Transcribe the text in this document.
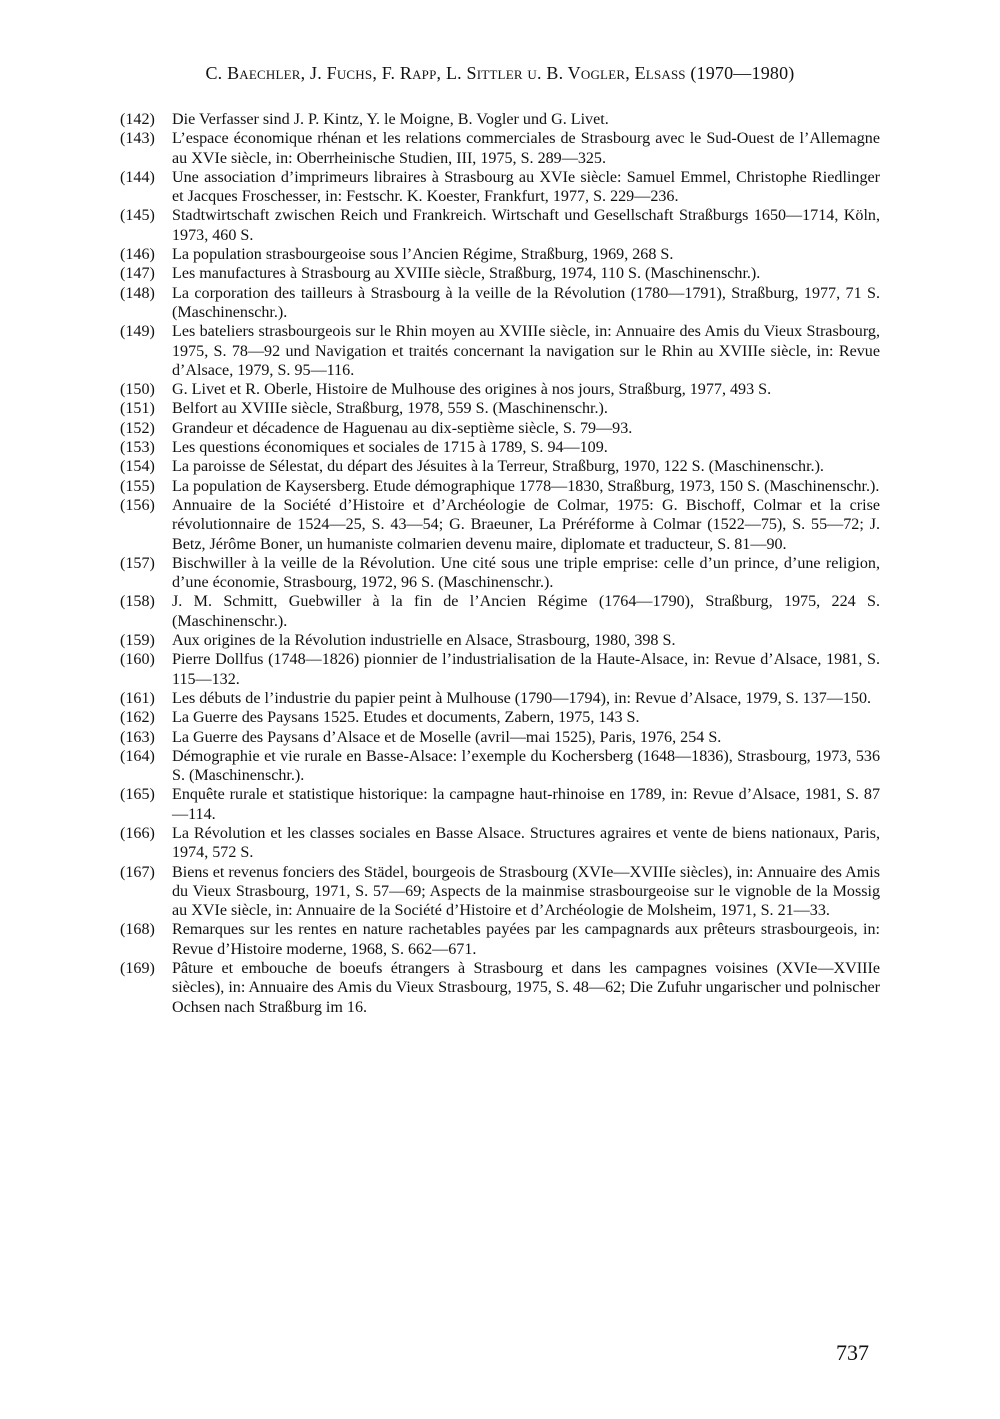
C. Baechler, J. Fuchs, F. Rapp, L. Sittler u. B. Vogler, Elsaß (1970—1980)
(142)	Die Verfasser sind J. P. Kintz, Y. le Moigne, B. Vogler und G. Livet.
(143)	L’espace économique rhénan et les relations commerciales de Strasbourg avec le Sud-Ouest de l’Allemagne au XVIe siècle, in: Oberrheinische Studien, III, 1975, S. 289—325.
(144)	Une association d’imprimeurs libraires à Strasbourg au XVIe siècle: Samuel Emmel, Christophe Riedlinger et Jacques Froschesser, in: Festschr. K. Koester, Frankfurt, 1977, S. 229—236.
(145)	Stadtwirtschaft zwischen Reich und Frankreich. Wirtschaft und Gesellschaft Straßburgs 1650—1714, Köln, 1973, 460 S.
(146)	La population strasbourgeoise sous l’Ancien Régime, Straßburg, 1969, 268 S.
(147)	Les manufactures à Strasbourg au XVIIIe siècle, Straßburg, 1974, 110 S. (Maschinenschr.).
(148)	La corporation des tailleurs à Strasbourg à la veille de la Révolution (1780—1791), Straßburg, 1977, 71 S. (Maschinenschr.).
(149)	Les bateliers strasbourgeois sur le Rhin moyen au XVIIIe siècle, in: Annuaire des Amis du Vieux Strasbourg, 1975, S. 78—92 und Navigation et traités concernant la navigation sur le Rhin au XVIIIe siècle, in: Revue d’Alsace, 1979, S. 95—116.
(150)	G. Livet et R. Oberle, Histoire de Mulhouse des origines à nos jours, Straßburg, 1977, 493 S.
(151)	Belfort au XVIIIe siècle, Straßburg, 1978, 559 S. (Maschinenschr.).
(152)	Grandeur et décadence de Haguenau au dix-septième siècle, S. 79—93.
(153)	Les questions économiques et sociales de 1715 à 1789, S. 94—109.
(154)	La paroisse de Sélestat, du départ des Jésuites à la Terreur, Straßburg, 1970, 122 S. (Maschinenschr.).
(155)	La population de Kaysersberg. Etude démographique 1778—1830, Straßburg, 1973, 150 S. (Maschinenschr.).
(156)	Annuaire de la Société d’Histoire et d’Archéologie de Colmar, 1975: G. Bischoff, Colmar et la crise révolutionnaire de 1524—25, S. 43—54; G. Braeuner, La Préréforme à Colmar (1522—75), S. 55—72; J. Betz, Jérôme Boner, un humaniste colmarien devenu maire, diplomate et traducteur, S. 81—90.
(157)	Bischwiller à la veille de la Révolution. Une cité sous une triple emprise: celle d’un prince, d’une religion, d’une économie, Strasbourg, 1972, 96 S. (Maschinenschr.).
(158)	J. M. Schmitt, Guebwiller à la fin de l’Ancien Régime (1764—1790), Straßburg, 1975, 224 S. (Maschinenschr.).
(159)	Aux origines de la Révolution industrielle en Alsace, Strasbourg, 1980, 398 S.
(160)	Pierre Dollfus (1748—1826) pionnier de l’industrialisation de la Haute-Alsace, in: Revue d’Alsace, 1981, S. 115—132.
(161)	Les débuts de l’industrie du papier peint à Mulhouse (1790—1794), in: Revue d’Alsace, 1979, S. 137—150.
(162)	La Guerre des Paysans 1525. Etudes et documents, Zabern, 1975, 143 S.
(163)	La Guerre des Paysans d’Alsace et de Moselle (avril—mai 1525), Paris, 1976, 254 S.
(164)	Démographie et vie rurale en Basse-Alsace: l’exemple du Kochersberg (1648—1836), Strasbourg, 1973, 536 S. (Maschinenschr.).
(165)	Enquête rurale et statistique historique: la campagne haut-rhinoise en 1789, in: Revue d’Alsace, 1981, S. 87—114.
(166)	La Révolution et les classes sociales en Basse Alsace. Structures agraires et vente de biens nationaux, Paris, 1974, 572 S.
(167)	Biens et revenus fonciers des Städel, bourgeois de Strasbourg (XVIe—XVIIIe siècles), in: Annuaire des Amis du Vieux Strasbourg, 1971, S. 57—69; Aspects de la mainmise strasbourgeoise sur le vignoble de la Mossig au XVIe siècle, in: Annuaire de la Société d’Histoire et d’Archéologie de Molsheim, 1971, S. 21—33.
(168)	Remarques sur les rentes en nature rachetables payées par les campagnards aux prêteurs strasbourgeois, in: Revue d’Histoire moderne, 1968, S. 662—671.
(169)	Pâture et embouche de boeufs étrangers à Strasbourg et dans les campagnes voisines (XVIe—XVIIIe siècles), in: Annuaire des Amis du Vieux Strasbourg, 1975, S. 48—62; Die Zufuhr ungarischer und polnischer Ochsen nach Straßburg im 16.
737
